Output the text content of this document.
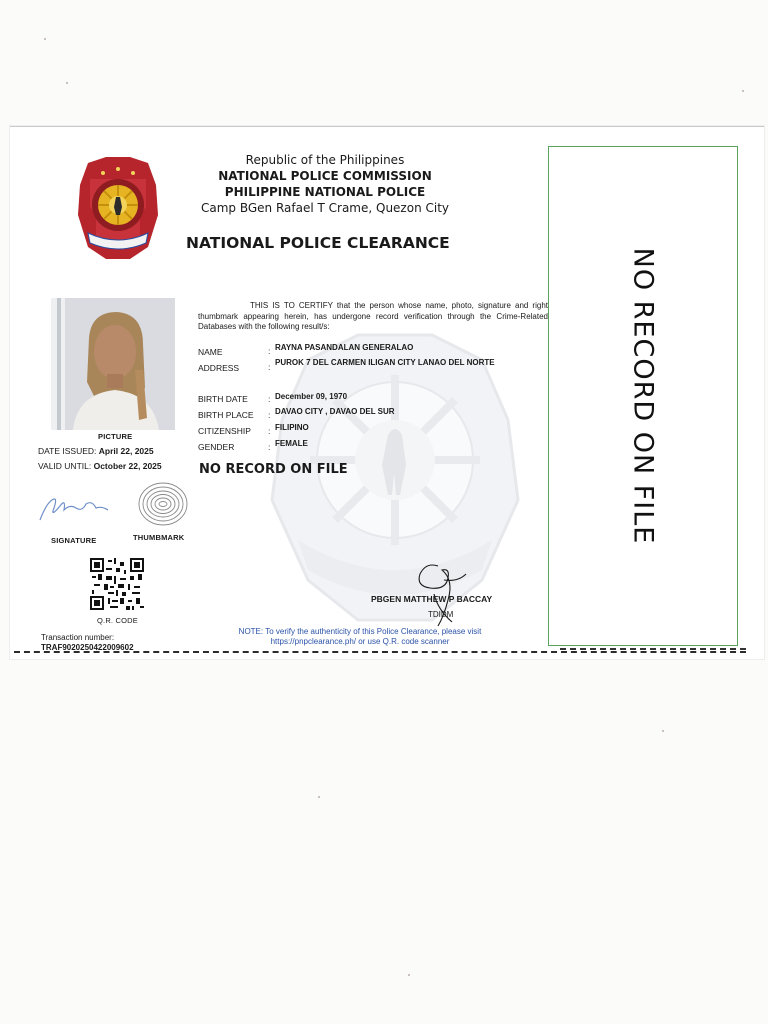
Republic of the Philippines
NATIONAL POLICE COMMISSION
PHILIPPINE NATIONAL POLICE
Camp BGen Rafael T Crame, Quezon City
NATIONAL POLICE CLEARANCE
NO RECORD ON FILE
PICTURE
DATE ISSUED: April 22, 2025
VALID UNTIL: October 22, 2025
SIGNATURE	THUMBMARK
Q.R. CODE
Transaction number:
TRAF9020250422009602
THIS IS TO CERTIFY that the person whose name, photo, signature and right thumbmark appearing herein, has undergone record verification through the Crime-Related Databases with the following result/s:
NAME	: RAYNA PASANDALAN GENERALAO
ADDRESS	: PUROK 7 DEL CARMEN ILIGAN CITY LANAO DEL NORTE
BIRTH DATE : December 09, 1970
BIRTH PLACE : DAVAO CITY , DAVAO DEL SUR
CITIZENSHIP : FILIPINO
GENDER	: FEMALE
NO RECORD ON FILE
PBGEN MATTHEW P BACCAY
TDIDM
NOTE: To verify the authenticity of this Police Clearance, please visit https://pnpclearance.ph/ or use Q.R. code scanner
